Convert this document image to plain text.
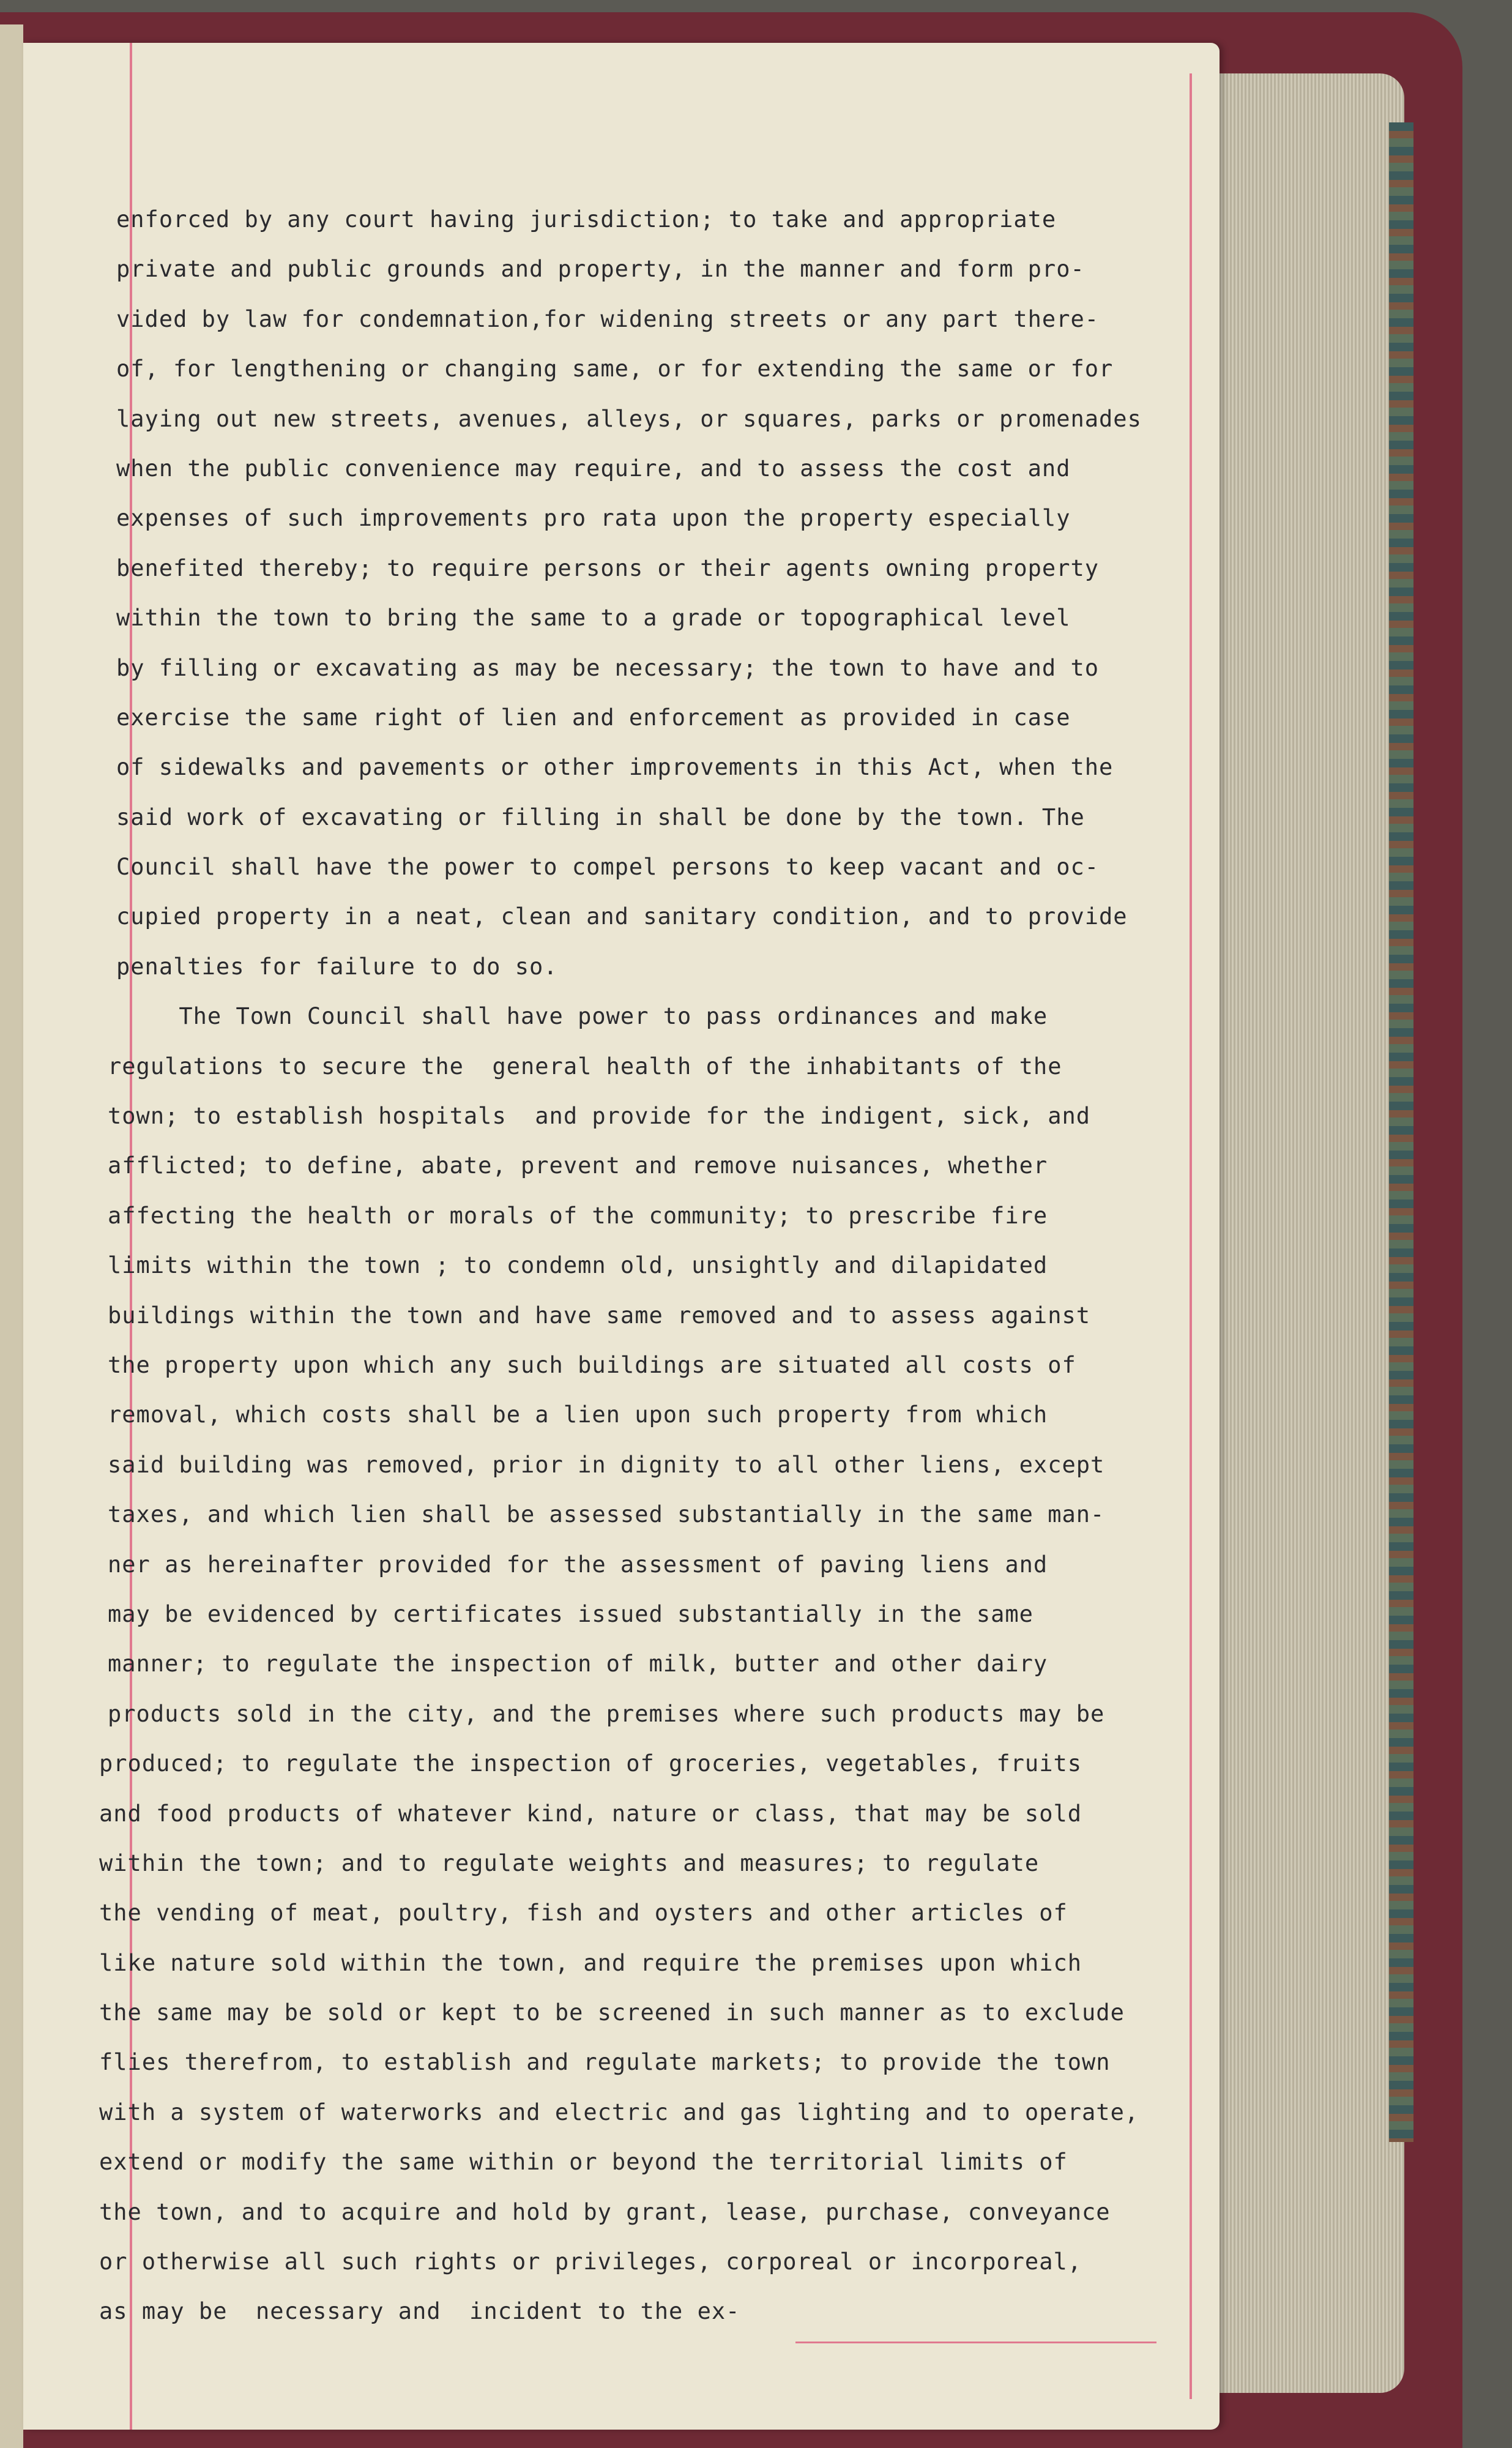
enforced by any court having jurisdiction; to take and appropriate
private and public grounds and property, in the manner and form pro-
vided by law for condemnation,for widening streets or any part there-
of, for lengthening or changing same, or for extending the same or for
laying out new streets, avenues, alleys, or squares, parks or promenades
when the public convenience may require, and to assess the cost and
expenses of such improvements pro rata upon the property especially
benefited thereby; to require persons or their agents owning property
within the town to bring the same to a grade or topographical level
by filling or excavating as may be necessary; the town to have and to
exercise the same right of lien and enforcement as provided in case
of sidewalks and pavements or other improvements in this Act, when the
said work of excavating or filling in shall be done by the town. The
Council shall have the power to compel persons to keep vacant and oc-
cupied property in a neat, clean and sanitary condition, and to provide
penalties for failure to do so.
The Town Council shall have power to pass ordinances and make
regulations to secure the  general health of the inhabitants of the
town; to establish hospitals  and provide for the indigent, sick, and
afflicted; to define, abate, prevent and remove nuisances, whether
affecting the health or morals of the community; to prescribe fire
limits within the town ; to condemn old, unsightly and dilapidated
buildings within the town and have same removed and to assess against
the property upon which any such buildings are situated all costs of
removal, which costs shall be a lien upon such property from which
said building was removed, prior in dignity to all other liens, except
taxes, and which lien shall be assessed substantially in the same man-
ner as hereinafter provided for the assessment of paving liens and
may be evidenced by certificates issued substantially in the same
manner; to regulate the inspection of milk, butter and other dairy
products sold in the city, and the premises where such products may be
produced; to regulate the inspection of groceries, vegetables, fruits
and food products of whatever kind, nature or class, that may be sold
within the town; and to regulate weights and measures; to regulate
the vending of meat, poultry, fish and oysters and other articles of
like nature sold within the town, and require the premises upon which
the same may be sold or kept to be screened in such manner as to exclude
flies therefrom, to establish and regulate markets; to provide the town
with a system of waterworks and electric and gas lighting and to operate,
extend or modify the same within or beyond the territorial limits of
the town, and to acquire and hold by grant, lease, purchase, conveyance
or otherwise all such rights or privileges, corporeal or incorporeal,
as may be  necessary and  incident to the ex-
